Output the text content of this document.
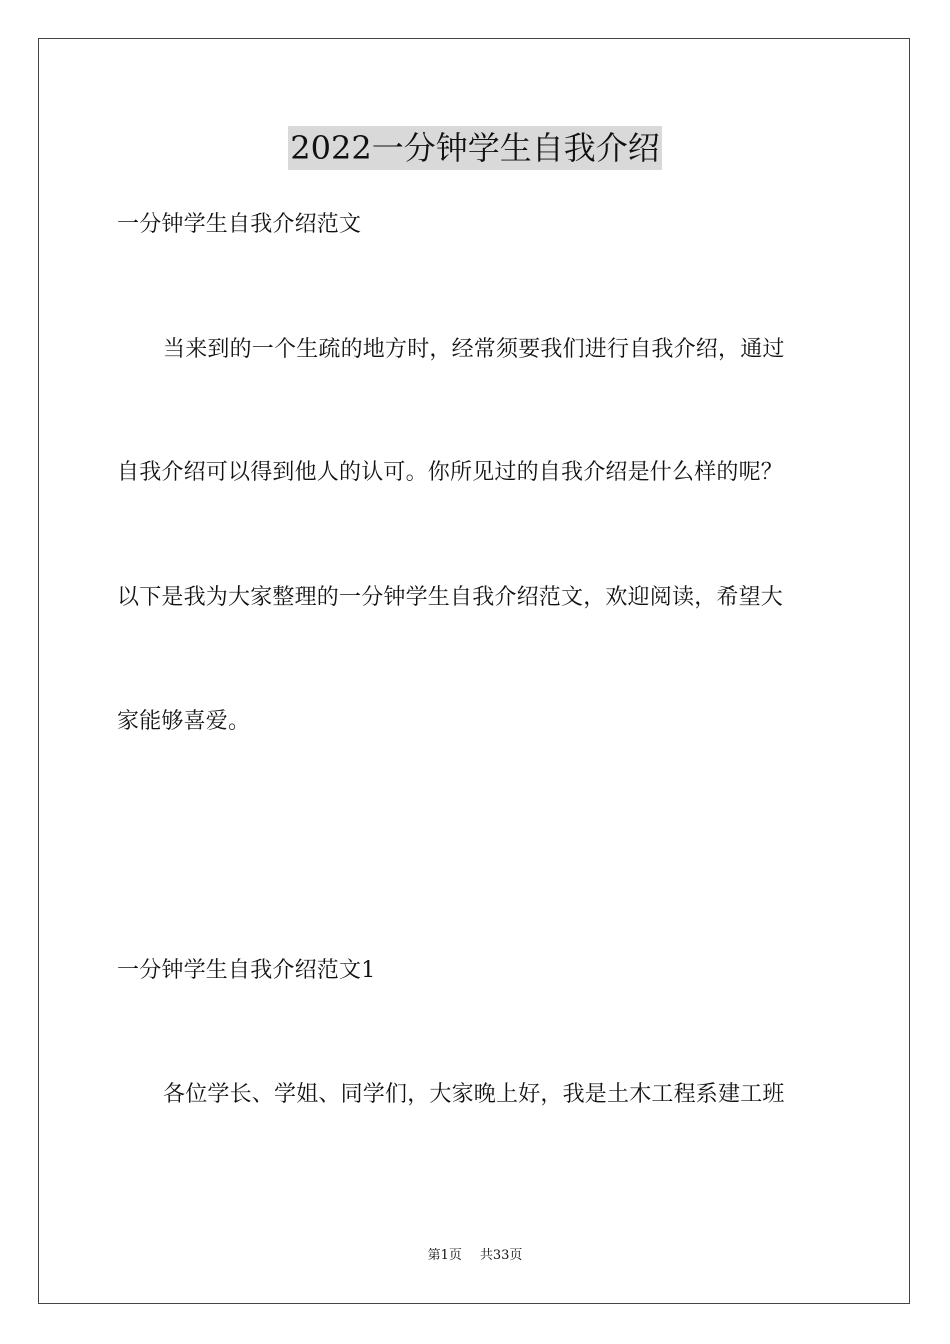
2022一分钟学生自我介绍
一分钟学生自我介绍范文
当来到的一个生疏的地方时，经常须要我们进行自我介绍，通过
自我介绍可以得到他人的认可。你所见过的自我介绍是什么样的呢？
以下是我为大家整理的一分钟学生自我介绍范文，欢迎阅读，希望大
家能够喜爱。
一分钟学生自我介绍范文1
各位学长、学姐、同学们，大家晚上好，我是土木工程系建工班
第1页 共33页
